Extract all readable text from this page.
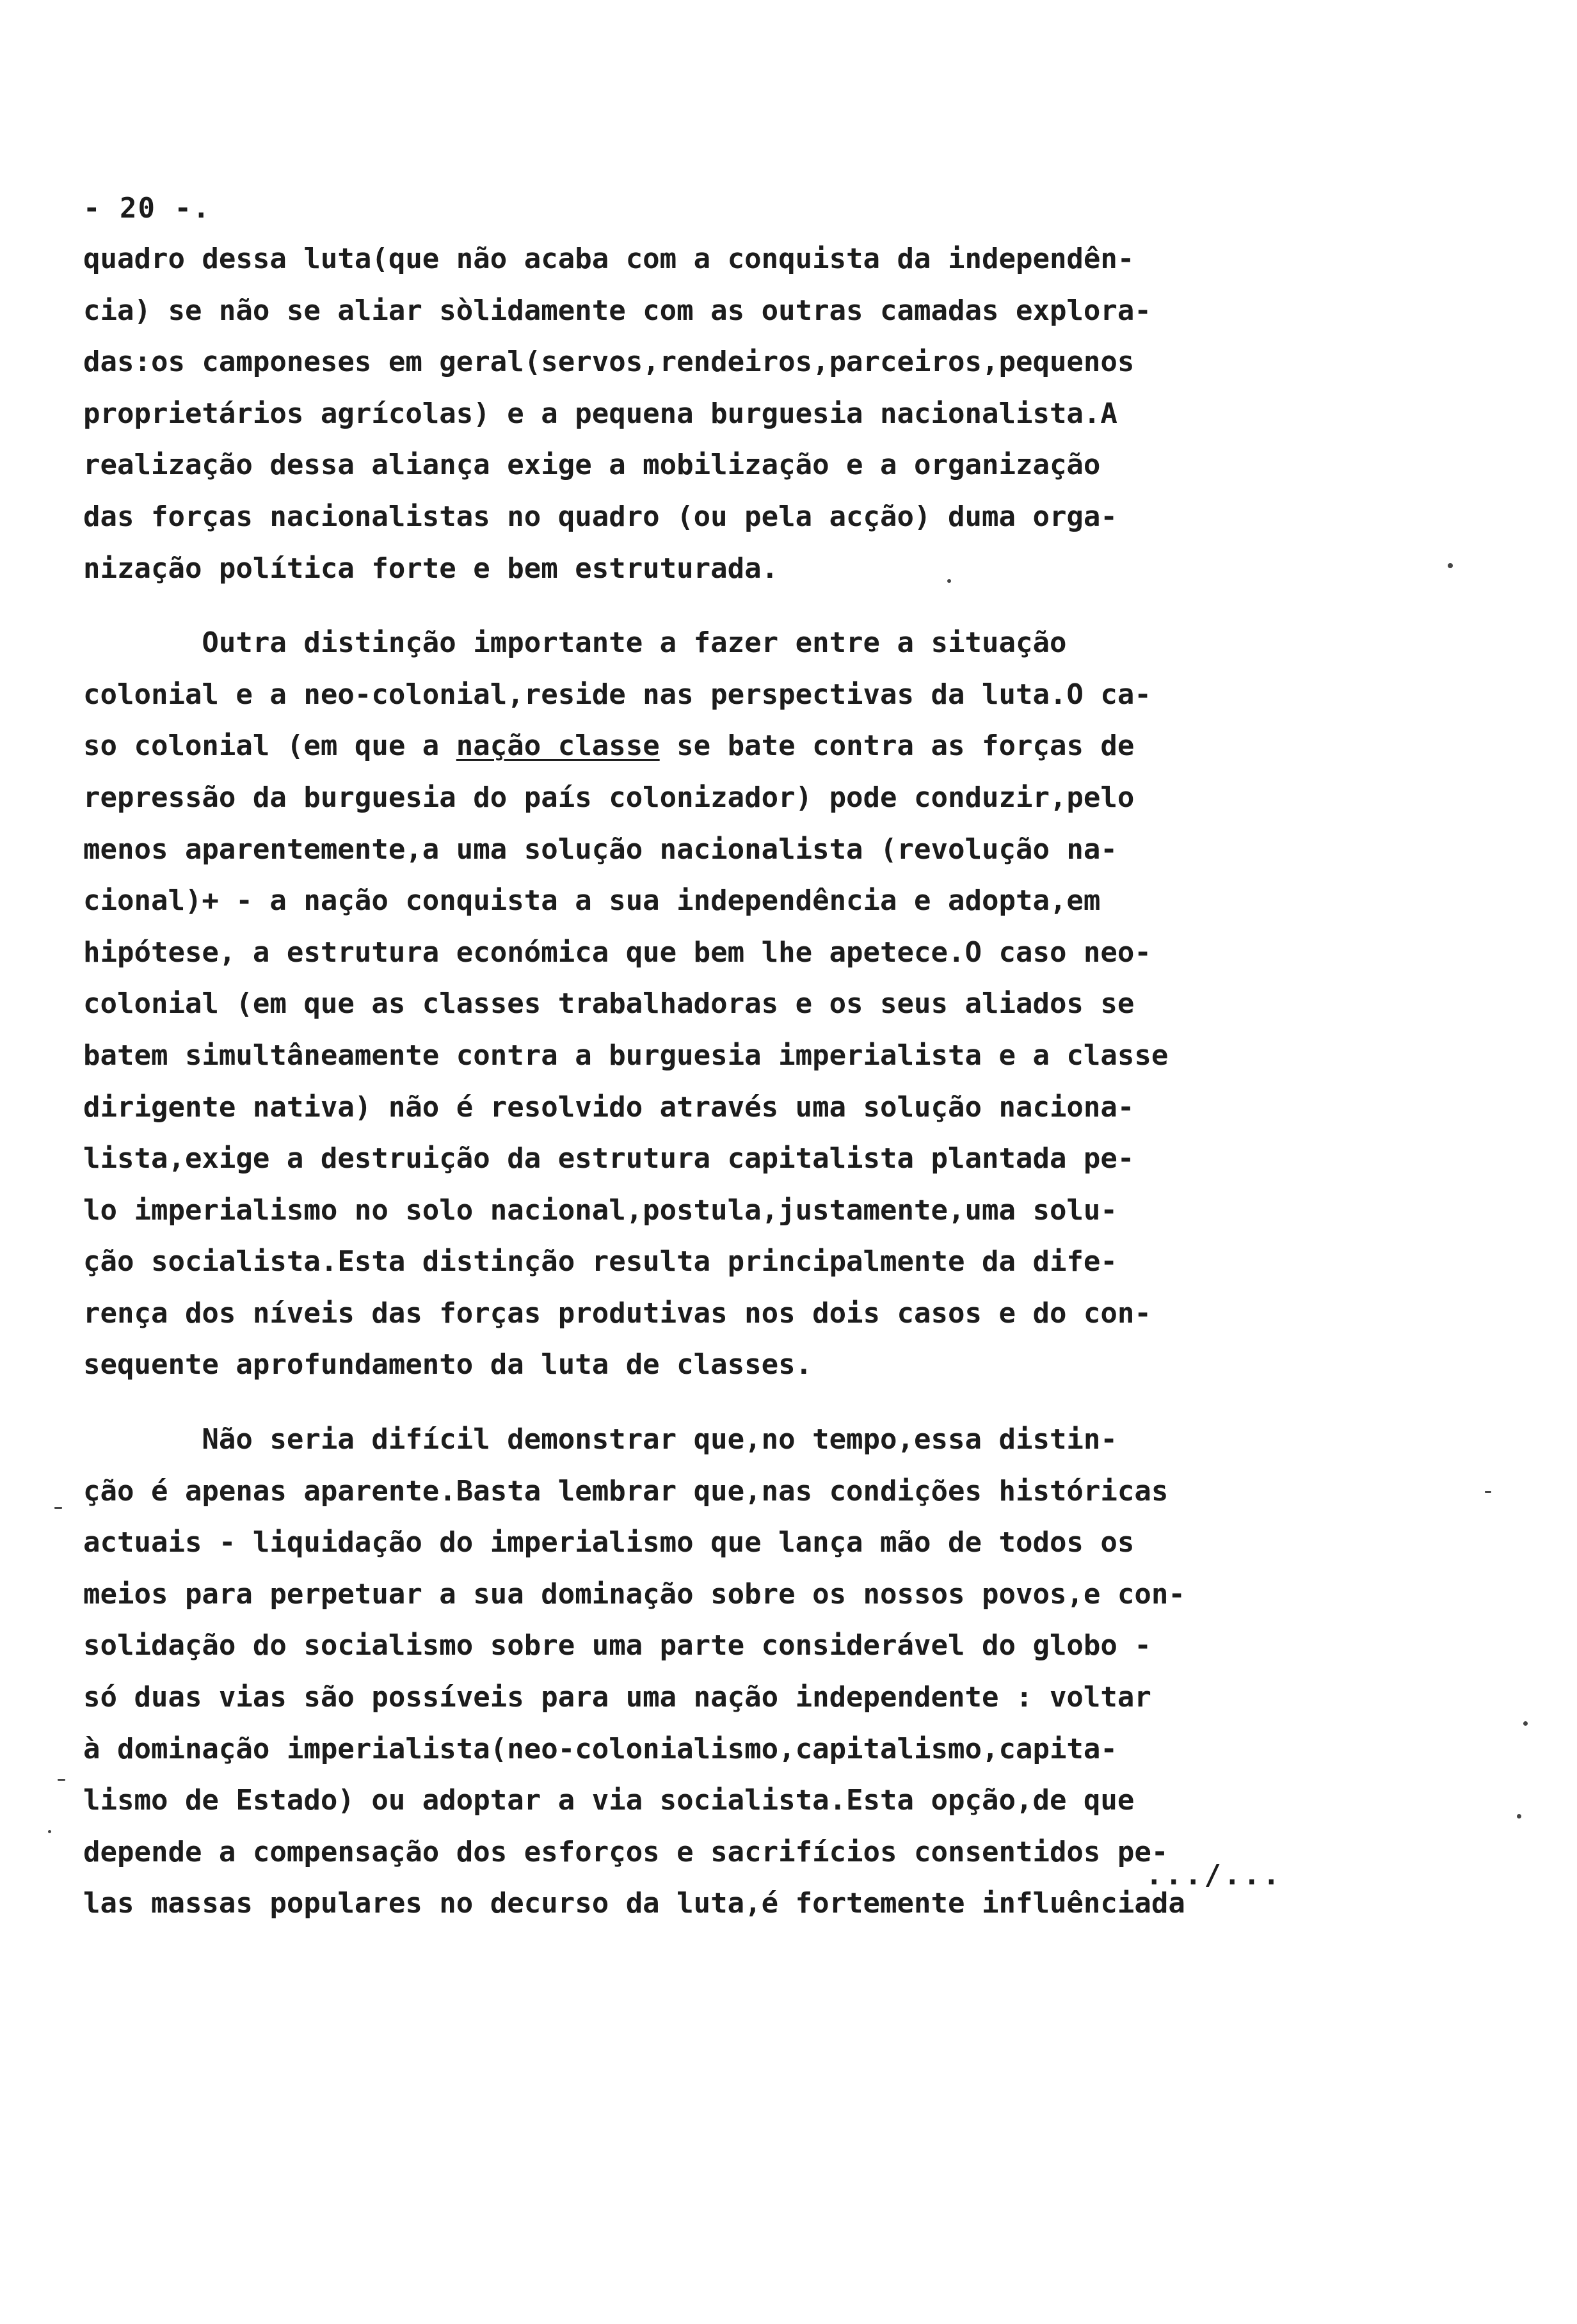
- 20 -.

quadro dessa luta(que não acaba com a conquista da independên-
cia) se não se aliar sòlidamente com as outras camadas explora-
das:os camponeses em geral(servos,rendeiros,parceiros,pequenos
proprietários agrícolas) e a pequena burguesia nacionalista.A
realização dessa aliança exige a mobilização e a organização
das forças nacionalistas no quadro (ou pela acção) duma orga-
nização política forte e bem estruturada.

Outra distinção importante a fazer entre a situação
colonial e a neo-colonial,reside nas perspectivas da luta.O ca-
so colonial (em que a nação classe se bate contra as forças de
repressão da burguesia do país colonizador) pode conduzir,pelo
menos aparentemente,a uma solução nacionalista (revolução na-
cional)+ - a nação conquista a sua independência e adopta,em
hipótese, a estrutura económica que bem lhe apetece.O caso neo-
colonial (em que as classes trabalhadoras e os seus aliados se
batem simultâneamente contra a burguesia imperialista e a classe
dirigente nativa) não é resolvido através uma solução naciona-
lista,exige a destruição da estrutura capitalista plantada pe-
lo imperialismo no solo nacional,postula,justamente,uma solu-
ção socialista.Esta distinção resulta principalmente da dife-
rença dos níveis das forças produtivas nos dois casos e do con-
sequente aprofundamento da luta de classes.

Não seria difícil demonstrar que,no tempo,essa distin-
ção é apenas aparente.Basta lembrar que,nas condições históricas
actuais - liquidação do imperialismo que lança mão de todos os
meios para perpetuar a sua dominação sobre os nossos povos,e con-
solidação do socialismo sobre uma parte considerável do globo -
só duas vias são possíveis para uma nação independente : voltar
à dominação imperialista(neo-colonialismo,capitalismo,capita-
lismo de Estado) ou adoptar a via socialista.Esta opção,de que
depende a compensação dos esforços e sacrifícios consentidos pe-
las massas populares no decurso da luta,é fortemente influênciada

.../...
